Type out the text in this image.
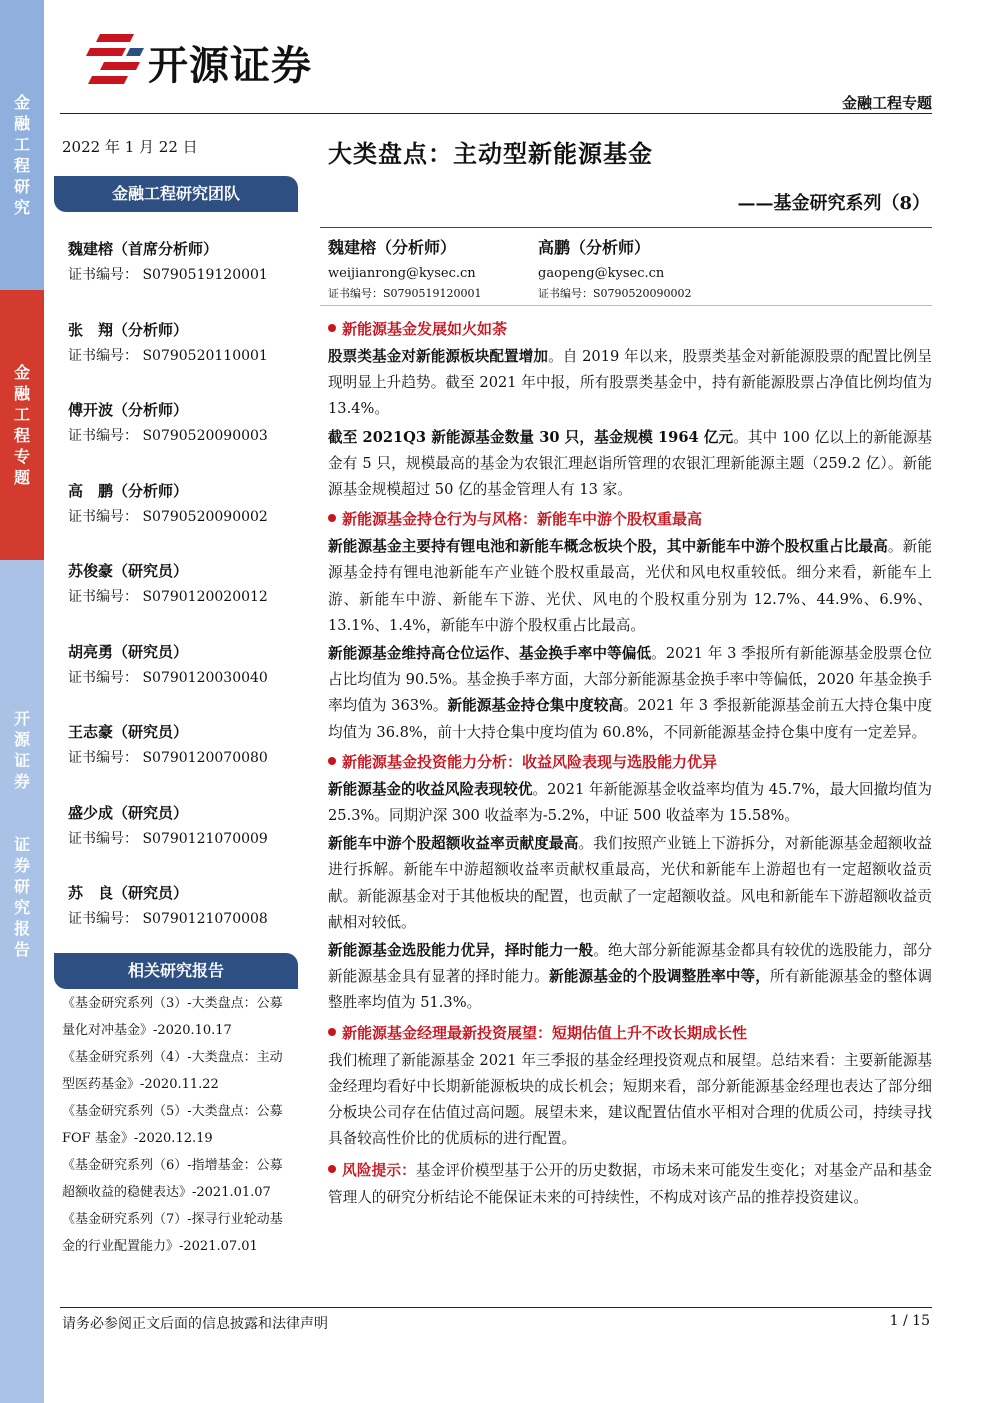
金
融
工
程
研
究
金
融
工
程
专
题
开
源
证
券

证
券
研
究
报
告
开源证券
金融工程专题
2022 年 1 月 22 日	大类盘点：主动型新能源基金
——基金研究系列（8）
金融工程研究团队
魏建榕（首席分析师）
证书编号： S0790519120001
张　翔（分析师）
证书编号： S0790520110001
傅开波（分析师）
证书编号： S0790520090003
高　鹏（分析师）
证书编号： S0790520090002
苏俊豪（研究员）
证书编号： S0790120020012
胡亮勇（研究员）
证书编号： S0790120030040
王志豪（研究员）
证书编号： S0790120070080
盛少成（研究员）
证书编号： S0790121070009
苏　良（研究员）
证书编号： S0790121070008
相关研究报告
《基金研究系列（3）-大类盘点：公募
量化对冲基金》-2020.10.17
《基金研究系列（4）-大类盘点：主动
型医药基金》-2020.11.22
《基金研究系列（5）-大类盘点：公募
FOF 基金》-2020.12.19
《基金研究系列（6）-指增基金：公募
超额收益的稳健表达》-2021.01.07
《基金研究系列（7）-探寻行业轮动基
金的行业配置能力》-2021.07.01
魏建榕（分析师）
weijianrong@kysec.cn
证书编号：S0790519120001
高鹏（分析师）
gaopeng@kysec.cn
证书编号：S0790520090002
新能源基金发展如火如荼
股票类基金对新能源板块配置增加。自 2019 年以来，股票类基金对新能源股票的配置比例呈现明显上升趋势。截至 2021 年中报，所有股票类基金中，持有新能源股票占净值比例均值为 13.4%。
截至 2021Q3 新能源基金数量 30 只，基金规模 1964 亿元。其中 100 亿以上的新能源基金有 5 只，规模最高的基金为农银汇理赵诣所管理的农银汇理新能源主题（259.2 亿）。新能源基金规模超过 50 亿的基金管理人有 13 家。
新能源基金持仓行为与风格：新能车中游个股权重最高
新能源基金主要持有锂电池和新能车概念板块个股，其中新能车中游个股权重占比最高。新能源基金持有锂电池新能车产业链个股权重最高，光伏和风电权重较低。细分来看，新能车上游、新能车中游、新能车下游、光伏、风电的个股权重分别为 12.7%、44.9%、6.9%、13.1%、1.4%，新能车中游个股权重占比最高。
新能源基金维持高仓位运作、基金换手率中等偏低。2021 年 3 季报所有新能源基金股票仓位占比均值为 90.5%。基金换手率方面，大部分新能源基金换手率中等偏低，2020 年基金换手率均值为 363%。新能源基金持仓集中度较高。2021 年 3 季报新能源基金前五大持仓集中度均值为 36.8%，前十大持仓集中度均值为 60.8%，不同新能源基金持仓集中度有一定差异。
新能源基金投资能力分析：收益风险表现与选股能力优异
新能源基金的收益风险表现较优。2021 年新能源基金收益率均值为 45.7%，最大回撤均值为 25.3%。同期沪深 300 收益率为-5.2%，中证 500 收益率为 15.58%。
新能车中游个股超额收益率贡献度最高。我们按照产业链上下游拆分，对新能源基金超额收益进行拆解。新能车中游超额收益率贡献权重最高，光伏和新能车上游超也有一定超额收益贡献。新能源基金对于其他板块的配置，也贡献了一定超额收益。风电和新能车下游超额收益贡献相对较低。
新能源基金选股能力优异，择时能力一般。绝大部分新能源基金都具有较优的选股能力，部分新能源基金具有显著的择时能力。新能源基金的个股调整胜率中等，所有新能源基金的整体调整胜率均值为 51.3%。
新能源基金经理最新投资展望：短期估值上升不改长期成长性
我们梳理了新能源基金 2021 年三季报的基金经理投资观点和展望。总结来看：主要新能源基金经理均看好中长期新能源板块的成长机会；短期来看，部分新能源基金经理也表达了部分细分板块公司存在估值过高问题。展望未来，建议配置估值水平相对合理的优质公司，持续寻找具备较高性价比的优质标的进行配置。
风险提示：基金评价模型基于公开的历史数据，市场未来可能发生变化；对基金产品和基金管理人的研究分析结论不能保证未来的可持续性，不构成对该产品的推荐投资建议。
请务必参阅正文后面的信息披露和法律声明	1 / 15
